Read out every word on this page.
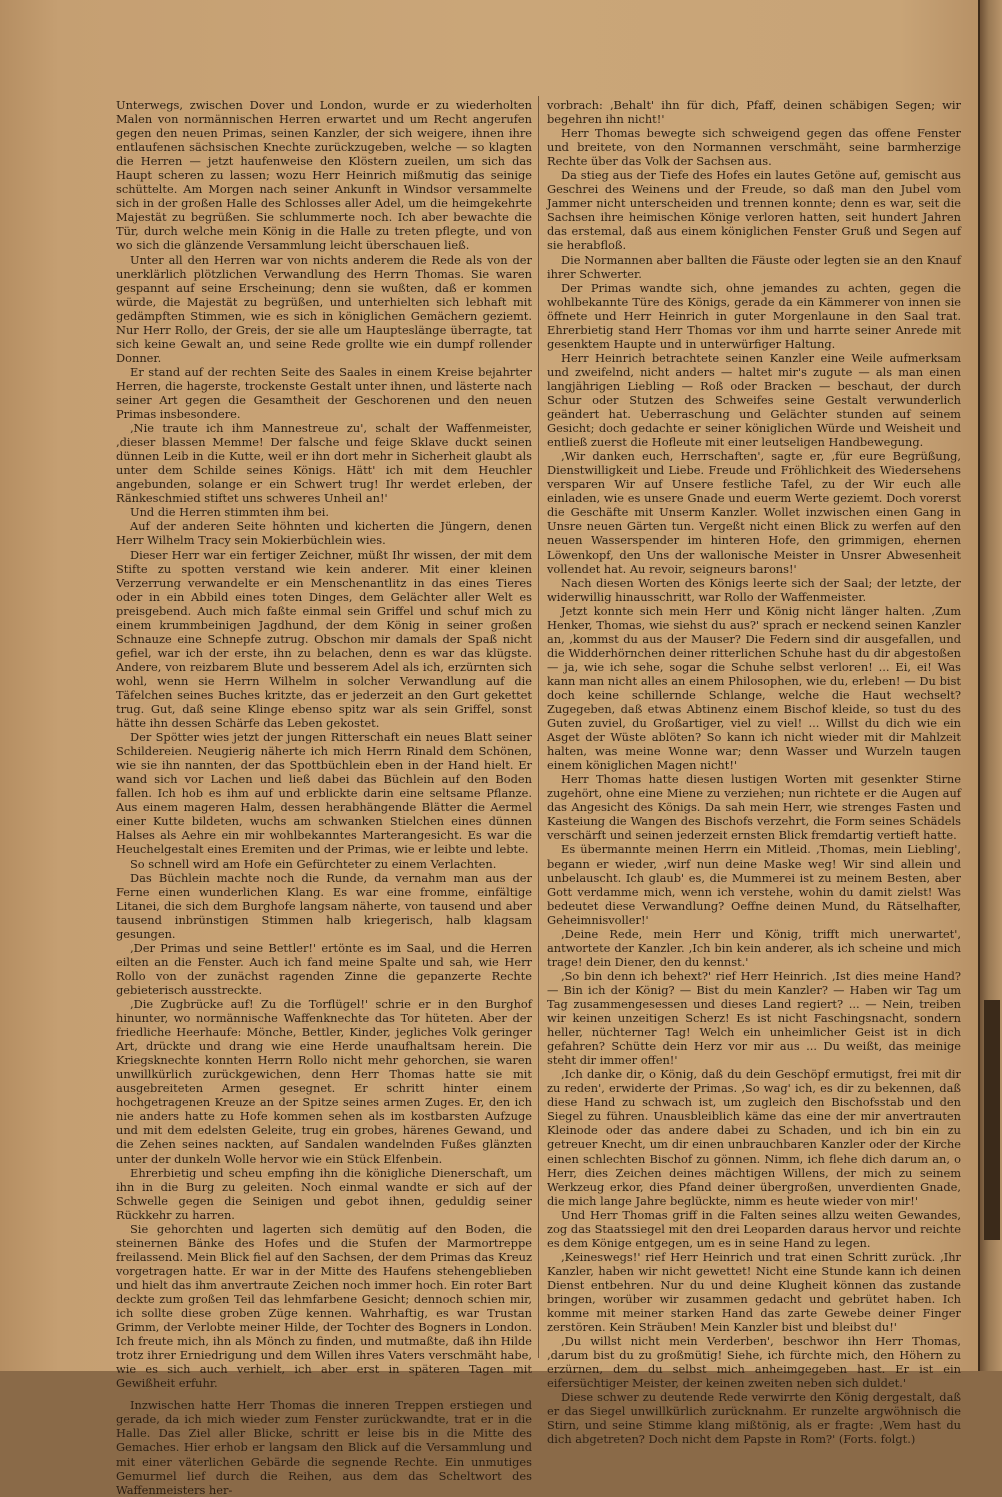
Unterwegs, zwischen Dover und London, wurde er zu wiederholten Malen von normännischen Herren erwartet und um Recht angerufen gegen den neuen Primas, seinen Kanzler, der sich weigere, ihnen ihre entlaufenen sächsischen Knechte zurückzugeben, welche — so klagten die Herren — jetzt haufenweise den Klöstern zueilen, um sich das Haupt scheren zu lassen; wozu Herr Heinrich mißmutig das seinige schüttelte. Am Morgen nach seiner Ankunft in Windsor versammelte sich in der großen Halle des Schlosses aller Adel, um die heimgekehrte Majestät zu begrüßen. Sie schlummerte noch. Ich aber bewachte die Tür, durch welche mein König in die Halle zu treten pflegte, und von wo sich die glänzende Versammlung leicht überschauen ließ.

Unter all den Herren war von nichts anderem die Rede als von der unerklärlich plötzlichen Verwandlung des Herrn Thomas. Sie waren gespannt auf seine Erscheinung; denn sie wußten, daß er kommen würde, die Majestät zu begrüßen, und unterhielten sich lebhaft mit gedämpften Stimmen, wie es sich in königlichen Gemächern geziemt. Nur Herr Rollo, der Greis, der sie alle um Hauptеslänge überragte, tat sich keine Gewalt an, und seine Rede grollte wie ein dumpf rollender Donner.

Er stand auf der rechten Seite des Saales in einem Kreise bejahrter Herren, die hagerste, trockenste Gestalt unter ihnen, und lästerte nach seiner Art gegen die Gesamtheit der Geschorenen und den neuen Primas insbesondere.

‚Nie traute ich ihm Mannestreue zu', schalt der Waffenmeister, ‚dieser blassen Memme! Der falsche und feige Sklave duckt seinen dünnen Leib in die Kutte, weil er ihn dort mehr in Sicherheit glaubt als unter dem Schilde seines Königs. Hätt' ich mit dem Heuchler angebunden, solange er ein Schwert trug! Ihr werdet erleben, der Ränkeschmied stiftet uns schweres Unheil an!'

Und die Herren stimmten ihm bei.

Auf der anderen Seite höhnten und kicherten die Jüngern, denen Herr Wilhelm Tracy sein Mokierbüchlein wies.

Dieser Herr war ein fertiger Zeichner, müßt Ihr wissen, der mit dem Stifte zu spotten verstand wie kein anderer. Mit einer kleinen Verzerrung verwandelte er ein Menschenantlitz in das eines Tieres oder in ein Abbild eines toten Dinges, dem Gelächter aller Welt es preisgebend. Auch mich faßte einmal sein Griffel und schuf mich zu einem krummbeinigen Jagdhund, der dem König in seiner großen Schnauze eine Schnepfe zutrug. Obschon mir damals der Spaß nicht gefiel, war ich der erste, ihn zu belachen, denn es war das klügste. Andere, von reizbarem Blute und besserem Adel als ich, erzürnten sich wohl, wenn sie Herrn Wilhelm in solcher Verwandlung auf die Täfelchen seines Buches kritzte, das er jederzeit an den Gurt gekettet trug. Gut, daß seine Klinge ebenso spitz war als sein Griffel, sonst hätte ihn dessen Schärfe das Leben gekostet.

Der Spötter wies jetzt der jungen Ritterschaft ein neues Blatt seiner Schildereien. Neugierig näherte ich mich Herrn Rinald dem Schönen, wie sie ihn nannten, der das Spottbüchlein eben in der Hand hielt. Er wand sich vor Lachen und ließ dabei das Büchlein auf den Boden fallen. Ich hob es ihm auf und erblickte darin eine seltsame Pflanze. Aus einem mageren Halm, dessen herabhängende Blätter die Aermel einer Kutte bildeten, wuchs am schwanken Stielchen eines dünnen Halses als Aehre ein mir wohlbekanntes Marterangesicht. Es war die Heuchelgestalt eines Eremiten und der Primas, wie er leibte und lebte.

So schnell wird am Hofe ein Gefürchteter zu einem Verlachten.

Das Büchlein machte noch die Runde, da vernahm man aus der Ferne einen wunderlichen Klang. Es war eine fromme, einfältige Litanei, die sich dem Burghofe langsam näherte, von tausend und aber tausend inbrünstigen Stimmen halb kriegerisch, halb klagsam gesungen.

‚Der Primas und seine Bettler!' ertönte es im Saal, und die Herren eilten an die Fenster. Auch ich fand meine Spalte und sah, wie Herr Rollo von der zunächst ragenden Zinne die gepanzerte Rechte gebieterisch ausstreckte.

‚Die Zugbrücke auf! Zu die Torflügel!' schrie er in den Burghof hinunter, wo normännische Waffenknechte das Tor hüteten. Aber der friedliche Heerhaufe: Mönche, Bettler, Kinder, jegliches Volk geringer Art, drückte und drang wie eine Herde unaufhaltsam herein. Die Kriegsknechte konnten Herrn Rollo nicht mehr gehorchen, sie waren unwillkürlich zurückgewichen, denn Herr Thomas hatte sie mit ausgebreiteten Armen gesegnet. Er schritt hinter einem hochgetragenen Kreuze an der Spitze seines armen Zuges. Er, den ich nie anders hatte zu Hofe kommen sehen als im kostbarsten Aufzuge und mit dem edelsten Geleite, trug ein grobes, härenes Gewand, und die Zehen seines nackten, auf Sandalen wandelnden Fußes glänzten unter der dunkeln Wolle hervor wie ein Stück Elfenbein.

Ehrerbietig und scheu empfing ihn die königliche Dienerschaft, um ihn in die Burg zu geleiten. Noch einmal wandte er sich auf der Schwelle gegen die Seinigen und gebot ihnen, geduldig seiner Rückkehr zu harren.

Sie gehorchten und lagerten sich demütig auf den Boden, die steinernen Bänke des Hofes und die Stufen der Marmortreppe freilassend. Mein Blick fiel auf den Sachsen, der dem Primas das Kreuz vorgetragen hatte. Er war in der Mitte des Haufens stehengeblieben und hielt das ihm anvertraute Zeichen noch immer hoch. Ein roter Bart deckte zum großen Teil das lehmfarbene Gesicht; dennoch schien mir, ich sollte diese groben Züge kennen. Wahrhaftig, es war Trustan Grimm, der Verlobte meiner Hilde, der Tochter des Bogners in London. Ich freute mich, ihn als Mönch zu finden, und mutmaßte, daß ihn Hilde trotz ihrer Erniedrigung und dem Willen ihres Vaters verschmäht habe, wie es sich auch verhielt, ich aber erst in späteren Tagen mit Gewißheit erfuhr.

Inzwischen hatte Herr Thomas die inneren Treppen erstiegen und gerade, da ich mich wieder zum Fenster zurückwandte, trat er in die Halle. Das Ziel aller Blicke, schritt er leise bis in die Mitte des Gemaches. Hier erhob er langsam den Blick auf die Versammlung und mit einer väterlichen Gebärde die segnende Rechte. Ein unmutiges Gemurmel lief durch die Reihen, aus dem das Scheltwort des Waffenmeisters her-

vorbrach: ‚Behalt' ihn für dich, Pfaff, deinen schäbigen Segen; wir begehren ihn nicht!'

Herr Thomas bewegte sich schweigend gegen das offene Fenster und breitete, von den Normannen verschmäht, seine barmherzige Rechte über das Volk der Sachsen aus.

Da stieg aus der Tiefe des Hofes ein lautes Getöne auf, gemischt aus Geschrei des Weinens und der Freude, so daß man den Jubel vom Jammer nicht unterscheiden und trennen konnte; denn es war, seit die Sachsen ihre heimischen Könige verloren hatten, seit hundert Jahren das erstemal, daß aus einem königlichen Fenster Gruß und Segen auf sie herabfloß.

Die Normannen aber ballten die Fäuste oder legten sie an den Knauf ihrer Schwerter.

Der Primas wandte sich, ohne jemandes zu achten, gegen die wohlbekannte Türe des Königs, gerade da ein Kämmerer von innen sie öffnete und Herr Heinrich in guter Morgenlaune in den Saal trat. Ehrerbietig stand Herr Thomas vor ihm und harrte seiner Anrede mit gesenktem Haupte und in unterwürfiger Haltung.

Herr Heinrich betrachtete seinen Kanzler eine Weile aufmerksam und zweifelnd, nicht anders — haltet mir's zugute — als man einen langjährigen Liebling — Roß oder Bracken — beschaut, der durch Schur oder Stutzen des Schweifes seine Gestalt verwunderlich geändert hat. Ueberraschung und Gelächter stunden auf seinem Gesicht; doch gedachte er seiner königlichen Würde und Weisheit und entließ zuerst die Hofleute mit einer leutseligen Handbewegung.

‚Wir danken euch, Herrschaften', sagte er, ‚für eure Begrüßung, Dienstwilligkeit und Liebe. Freude und Fröhlichkeit des Wiedersehens versparen Wir auf Unsere festliche Tafel, zu der Wir euch alle einladen, wie es unsere Gnade und euerm Werte geziemt. Doch vorerst die Geschäfte mit Unserm Kanzler. Wollet inzwischen einen Gang in Unsre neuen Gärten tun. Vergeßt nicht einen Blick zu werfen auf den neuen Wasserspender im hinteren Hofe, den grimmigen, ehernen Löwenkopf, den Uns der wallonische Meister in Unsrer Abwesenheit vollendet hat. Au revoir, seigneurs barons!'

Nach diesen Worten des Königs leerte sich der Saal; der letzte, der widerwillig hinausschritt, war Rollo der Waffenmeister.

Jetzt konnte sich mein Herr und König nicht länger halten. ‚Zum Henker, Thomas, wie siehst du aus?' sprach er neckend seinen Kanzler an, ‚kommst du aus der Mauser? Die Federn sind dir ausgefallen, und die Widderhörnchen deiner ritterlichen Schuhe hast du dir abgestoßen — ja, wie ich sehe, sogar die Schuhe selbst verloren! ... Ei, ei! Was kann man nicht alles an einem Philosophen, wie du, erleben! — Du bist doch keine schillernde Schlange, welche die Haut wechselt? Zugegeben, daß etwas Abtinenz einem Bischof kleide, so tust du des Guten zuviel, du Großartiger, viel zu viel! ... Willst du dich wie ein Asget der Wüste ablöten? So kann ich nicht wieder mit dir Mahlzeit halten, was meine Wonne war; denn Wasser und Wurzeln taugen einem königlichen Magen nicht!'

Herr Thomas hatte diesen lustigen Worten mit gesenkter Stirne zugehört, ohne eine Miene zu verziehen; nun richtete er die Augen auf das Angesicht des Königs. Da sah mein Herr, wie strenges Fasten und Kasteiung die Wangen des Bischofs verzehrt, die Form seines Schädels verschärft und seinen jederzeit ernsten Blick fremdartig vertieft hatte.

Es übermannte meinen Herrn ein Mitleid. ‚Thomas, mein Liebling', begann er wieder, ‚wirf nun deine Maske weg! Wir sind allein und unbelauscht. Ich glaub' es, die Mummerei ist zu meinem Besten, aber Gott verdamme mich, wenn ich verstehe, wohin du damit zielst! Was bedeutet diese Verwandlung? Oeffne deinen Mund, du Rätselhafter, Geheimnisvoller!'

‚Deine Rede, mein Herr und König, trifft mich unerwartet', antwortete der Kanzler. ‚Ich bin kein anderer, als ich scheine und mich trage! dein Diener, den du kennst.'

‚So bin denn ich behext?' rief Herr Heinrich. ‚Ist dies meine Hand? — Bin ich der König? — Bist du mein Kanzler? — Haben wir Tag um Tag zusammengesessen und dieses Land regiert? ... — Nein, treiben wir keinen unzeitigen Scherz! Es ist nicht Faschingsnacht, sondern heller, nüchterner Tag! Welch ein unheimlicher Geist ist in dich gefahren? Schütte dein Herz vor mir aus ... Du weißt, das meinige steht dir immer offen!'

‚Ich danke dir, o König, daß du dein Geschöpf ermutigst, frei mit dir zu reden', erwiderte der Primas. ‚So wag' ich, es dir zu bekennen, daß diese Hand zu schwach ist, um zugleich den Bischofsstab und den Siegel zu führen. Unausbleiblich käme das eine der mir anvertrauten Kleinode oder das andere dabei zu Schaden, und ich bin ein zu getreuer Knecht, um dir einen unbrauchbaren Kanzler oder der Kirche einen schlechten Bischof zu gönnen. Nimm, ich flehe dich darum an, o Herr, dies Zeichen deines mächtigen Willens, der mich zu seinem Werkzeug erkor, dies Pfand deiner übergroßen, unverdienten Gnade, die mich lange Jahre beglückte, nimm es heute wieder von mir!'

Und Herr Thomas griff in die Falten seines allzu weiten Gewandes, zog das Staatssiegel mit den drei Leoparden daraus hervor und reichte es dem Könige entgegen, um es in seine Hand zu legen.

‚Keineswegs!' rief Herr Heinrich und trat einen Schritt zurück. ‚Ihr Kanzler, haben wir nicht gewettet! Nicht eine Stunde kann ich deinen Dienst entbehren. Nur du und deine Klugheit können das zustande bringen, worüber wir zusammen gedacht und gebrütet haben. Ich komme mit meiner starken Hand das zarte Gewebe deiner Finger zerstören. Kein Sträuben! Mein Kanzler bist und bleibst du!'

‚Du willst nicht mein Verderben', beschwor ihn Herr Thomas, ‚darum bist du zu großmütig! Siehe, ich fürchte mich, den Höhern zu erzürnen, dem du selbst mich anheimgegeben hast. Er ist ein eifersüchtiger Meister, der keinen zweiten neben sich duldet.'

Diese schwer zu deutende Rede verwirrte den König dergestalt, daß er das Siegel unwillkürlich zurücknahm. Er runzelte argwöhnisch die Stirn, und seine Stimme klang mißtönig, als er fragte: ‚Wem hast du dich abgetreten? Doch nicht dem Papste in Rom?' (Forts. folgt.)
